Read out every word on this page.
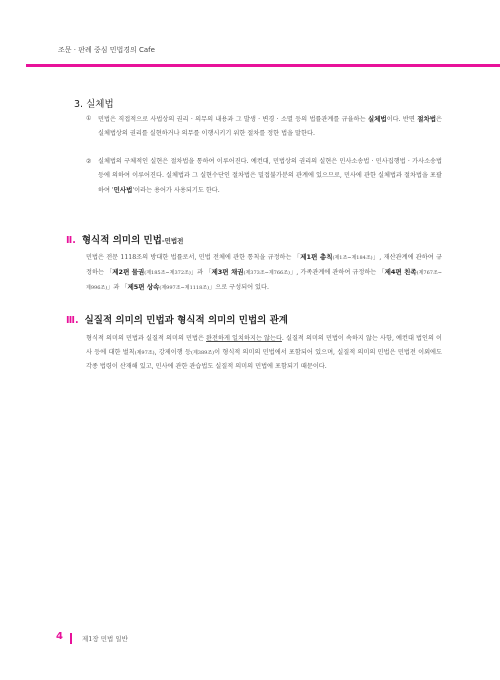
조문 · 판례 중심 민법경의 Cafe
3. 실체법
①	민법은 직접적으로 사법상의 권리 · 의무의 내용과 그 발생 · 변경 · 소멸 등의 법률관계를 규율하는 실체법이다. 반면 절차법은 실체법상의 권리를 실현하거나 의무를 이행시키기 위한 절차를 정한 법을 말한다.
②	실체법의 구체적인 실현은 절차법을 통하여 이루어진다. 예컨대, 민법상의 권리의 실현은 민사소송법 · 민사집행법 · 가사소송법 등에 의하여 이루어진다. 실체법과 그 실현수단인 절차법은 밀접불가분의 관계에 있으므로, 민사에 관한 실체법과 절차법을 포괄하여 '민사법'이라는 용어가 사용되기도 한다.
Ⅱ. 형식적 의미의 민법-민법전
민법은 전문 1118조의 방대한 법률로서, 민법 전체에 관한 통칙을 규정하는 「제1편 총칙(제1조~제184조)」, 재산관계에 관하여 규정하는 「제2편 물권(제185조~제372조)」과 「제3편 채권(제373조~제766조)」, 가족관계에 관하여 규정하는 「제4편 친족(제767조~제996조)」과 「제5편 상속(제997조~제1118조)」으로 구성되어 있다.
Ⅲ. 실질적 의미의 민법과 형식적 의미의 민법의 관계
형식적 의미의 민법과 실질적 의미의 민법은 완전하게 일치하지는 않는다. 실질적 의미의 민법이 속하지 않는 사항, 예컨대 법인의 이사 등에 대한 벌칙(제97조), 강제이행 등(제389조)이 형식적 의미의 민법에서 포함되어 있으며, 실질적 의미의 민법은 민법전 이외에도 각종 법령이 산재해 있고, 민사에 관한 관습법도 실질적 의미의 민법에 포함되기 때문이다.
4	제1장 민법 일반
